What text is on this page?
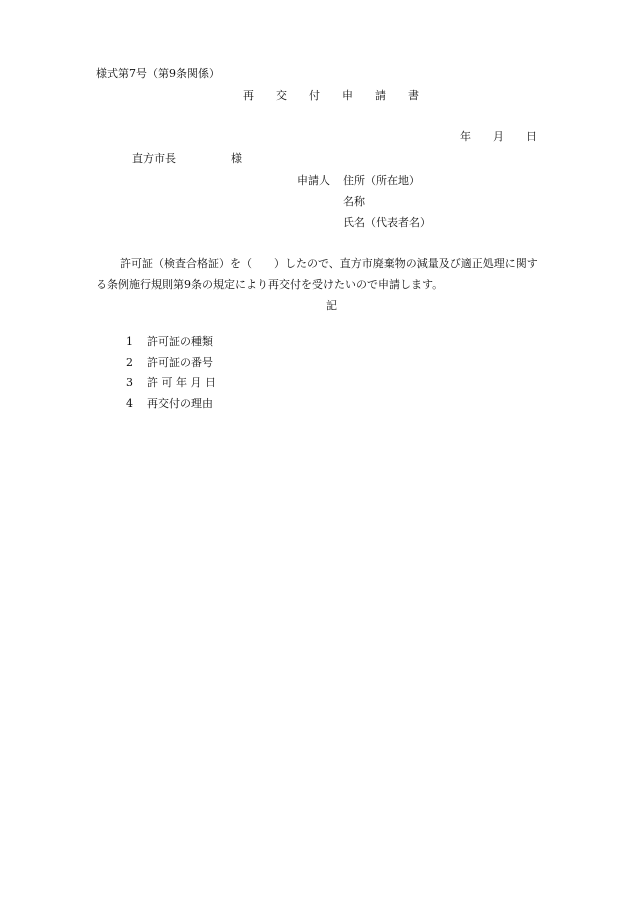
様式第7号（第9条関係）
再　　交　　付　　申　　請　　書
年　　月　　日
直方市長　　　　　様
申請人 住所（所在地）
名称
氏名（代表者名）
許可証（検査合格証）を（　　）したので、直方市廃棄物の減量及び適正処理に関す
る条例施行規則第9条の規定により再交付を受けたいので申請します。
記

1 許可証の種類

2 許可証の番号

3 許 可 年 月 日

4 再交付の理由
